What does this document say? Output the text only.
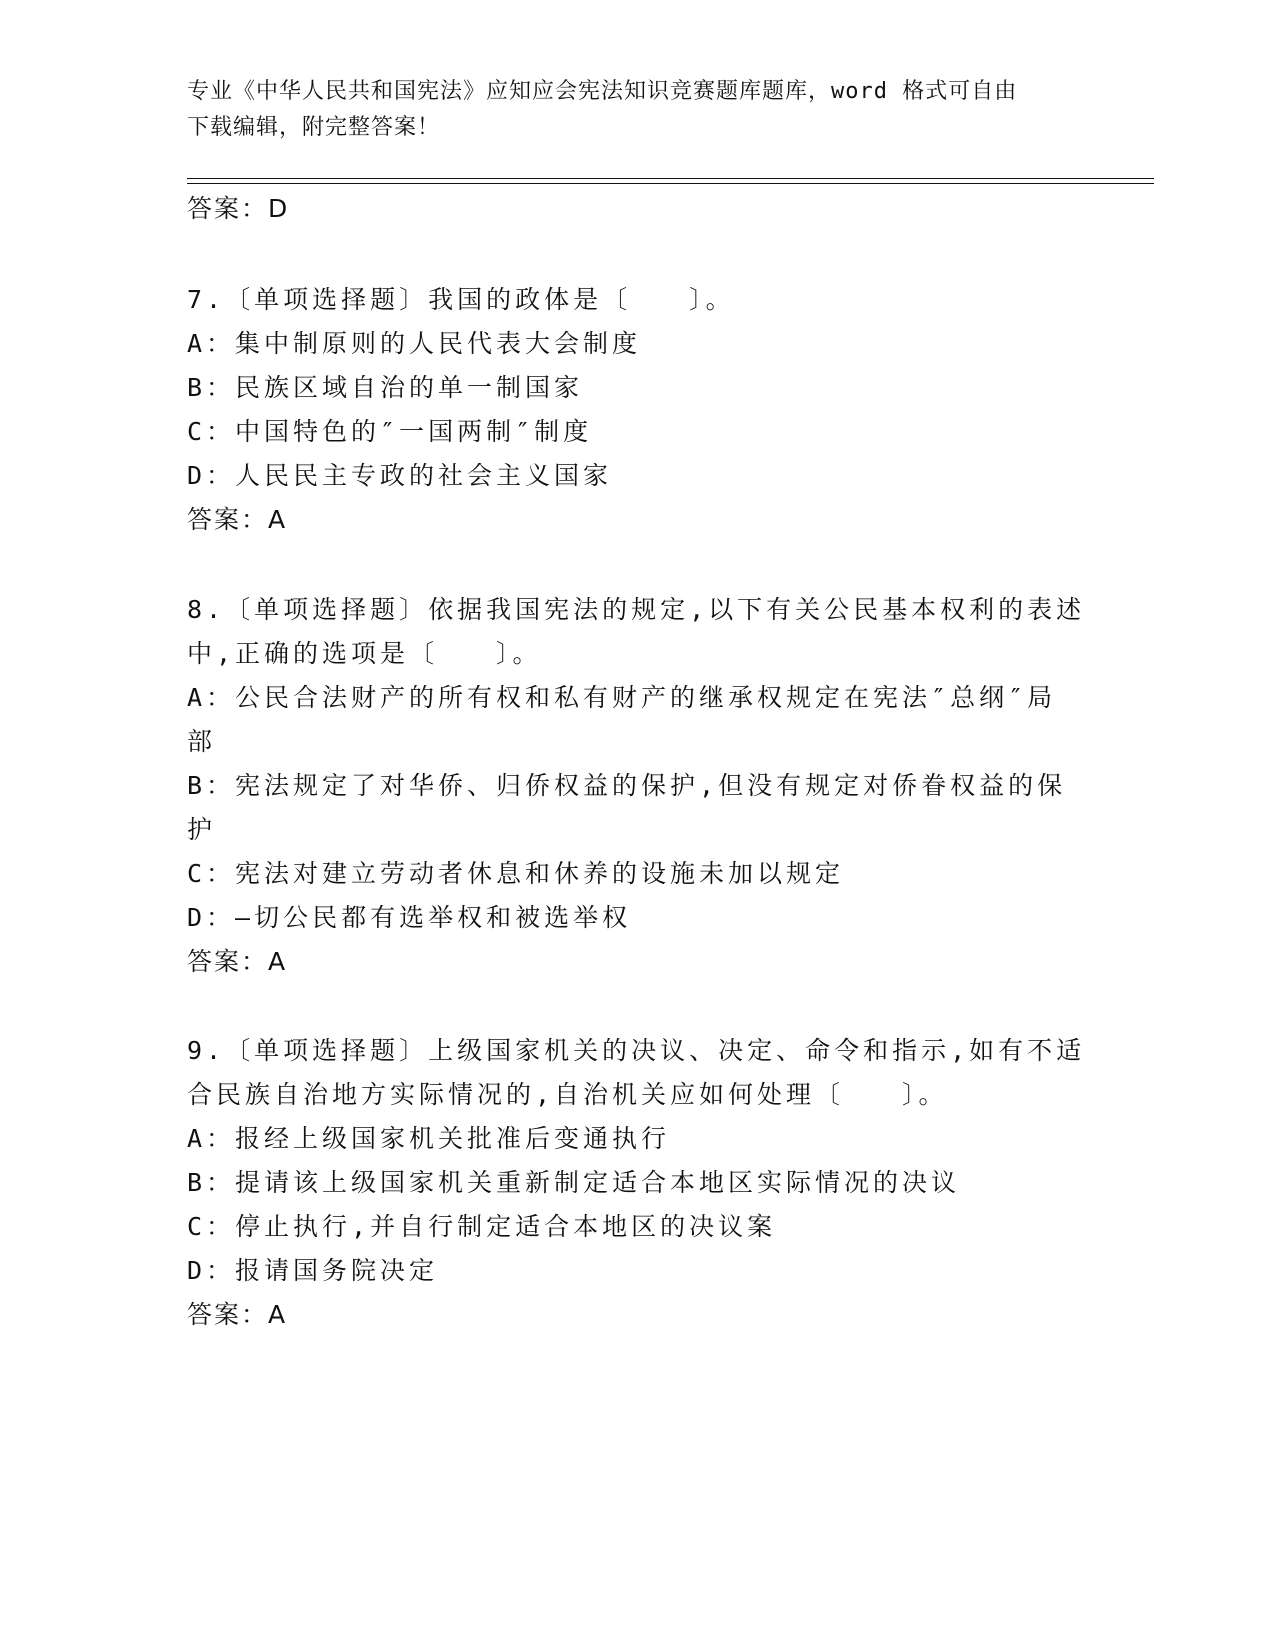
专业《中华人民共和国宪法》应知应会宪法知识竞赛题库题库，word 格式可自由
下载编辑，附完整答案！
答案：D
7.〔单项选择题〕我国的政体是〔　　〕。
A：集中制原则的人民代表大会制度
B：民族区域自治的单一制国家
C：中国特色的″一国两制″制度
D：人民民主专政的社会主义国家
答案：A
8.〔单项选择题〕依据我国宪法的规定,以下有关公民基本权利的表述
中,正确的选项是〔　　〕。
A：公民合法财产的所有权和私有财产的继承权规定在宪法″总纲″局
部
B：宪法规定了对华侨、归侨权益的保护,但没有规定对侨眷权益的保
护
C：宪法对建立劳动者休息和休养的设施未加以规定
D：—切公民都有选举权和被选举权
答案：A
9.〔单项选择题〕上级国家机关的决议、决定、命令和指示,如有不适
合民族自治地方实际情况的,自治机关应如何处理〔　　〕。
A：报经上级国家机关批准后变通执行
B：提请该上级国家机关重新制定适合本地区实际情况的决议
C：停止执行,并自行制定适合本地区的决议案
D：报请国务院决定
答案：A
